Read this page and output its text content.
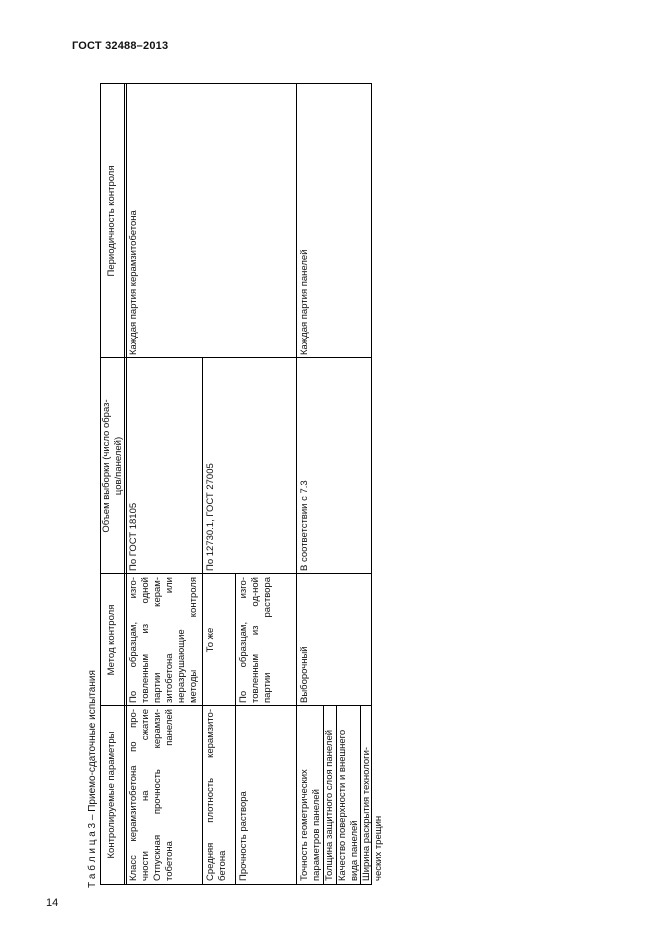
ГОСТ 32488–2013
Т а б л и ц а 3 – Приемо-сдаточные испытания Контролируемые параметры
Метод контроля
Объем выборки (число образ-
цов/панелей)
Периодичность контроля
Класс керамзитобетона по про-
чности на сжатие
Отпускная прочность керамзи-
тобетона панелей
По образцам, изго-
товленным из одной
партии керам-
зитобетона или
неразрушающие
методы контроля
По ГОСТ 18105
Каждая партия керамзитобетона
Средняя плотность керамзито-
бетона
То же
По 12730.1, ГОСТ 27005
Прочность раствора
По образцам, изго-
товленным из од-ной
партии раствора
Точность геометрических
параметров панелей Толщина защитного слоя панелей Качество поверхности и внешнего
вида панелей
Ширина раскрытия технологи-
ческих трещин
Выборочный
В соответствии с 7.3
Каждая партия панелей
14
